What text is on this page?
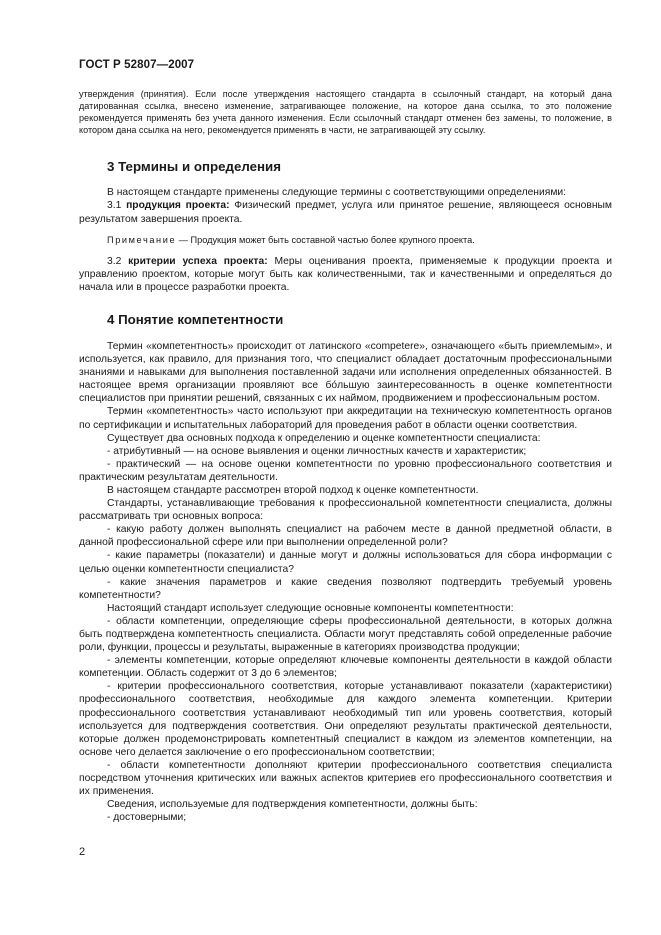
ГОСТ Р 52807—2007

утверждения (принятия). Если после утверждения настоящего стандарта в ссылочный стандарт, на который дана датированная ссылка, внесено изменение, затрагивающее положение, на которое дана ссылка, то это положение рекомендуется применять без учета данного изменения. Если ссылочный стандарт отменен без замены, то положение, в котором дана ссылка на него, рекомендуется применять в части, не затрагивающей эту ссылку.

3 Термины и определения

В настоящем стандарте применены следующие термины с соответствующими определениями:

3.1 продукция проекта: Физический предмет, услуга или принятое решение, являющееся основным результатом завершения проекта.

Примечание — Продукция может быть составной частью более крупного проекта.

3.2 критерии успеха проекта: Меры оценивания проекта, применяемые к продукции проекта и управлению проектом, которые могут быть как количественными, так и качественными и определяться до начала или в процессе разработки проекта.

4 Понятие компетентности

Термин «компетентность» происходит от латинского «competere», означающего «быть приемлемым», и используется, как правило, для признания того, что специалист обладает достаточным профессиональными знаниями и навыками для выполнения поставленной задачи или исполнения определенных обязанностей. В настоящее время организации проявляют все бо́льшую заинтересованность в оценке компетентности специалистов при принятии решений, связанных с их наймом, продвижением и профессиональным ростом.

Термин «компетентность» часто используют при аккредитации на техническую компетентность органов по сертификации и испытательных лабораторий для проведения работ в области оценки соответствия.

Существует два основных подхода к определению и оценке компетентности специалиста:

- атрибутивный — на основе выявления и оценки личностных качеств и характеристик;

- практический — на основе оценки компетентности по уровню профессионального соответствия и практическим результатам деятельности.

В настоящем стандарте рассмотрен второй подход к оценке компетентности.

Стандарты, устанавливающие требования к профессиональной компетентности специалиста, должны рассматривать три основных вопроса:

- какую работу должен выполнять специалист на рабочем месте в данной предметной области, в данной профессиональной сфере или при выполнении определенной роли?

- какие параметры (показатели) и данные могут и должны использоваться для сбора информации с целью оценки компетентности специалиста?

- какие значения параметров и какие сведения позволяют подтвердить требуемый уровень компетентности?

Настоящий стандарт использует следующие основные компоненты компетентности:

- области компетенции, определяющие сферы профессиональной деятельности, в которых должна быть подтверждена компетентность специалиста. Области могут представлять собой определенные рабочие роли, функции, процессы и результаты, выраженные в категориях производства продукции;

- элементы компетенции, которые определяют ключевые компоненты деятельности в каждой области компетенции. Область содержит от 3 до 6 элементов;

- критерии профессионального соответствия, которые устанавливают показатели (характеристики) профессионального соответствия, необходимые для каждого элемента компетенции. Критерии профессионального соответствия устанавливают необходимый тип или уровень соответствия, который используется для подтверждения соответствия. Они определяют результаты практической деятельности, которые должен продемонстрировать компетентный специалист в каждом из элементов компетенции, на основе чего делается заключение о его профессиональном соответствии;

- области компетентности дополняют критерии профессионального соответствия специалиста посредством уточнения критических или важных аспектов критериев его профессионального соответствия и их применения.

Сведения, используемые для подтверждения компетентности, должны быть:

- достоверными;

2
